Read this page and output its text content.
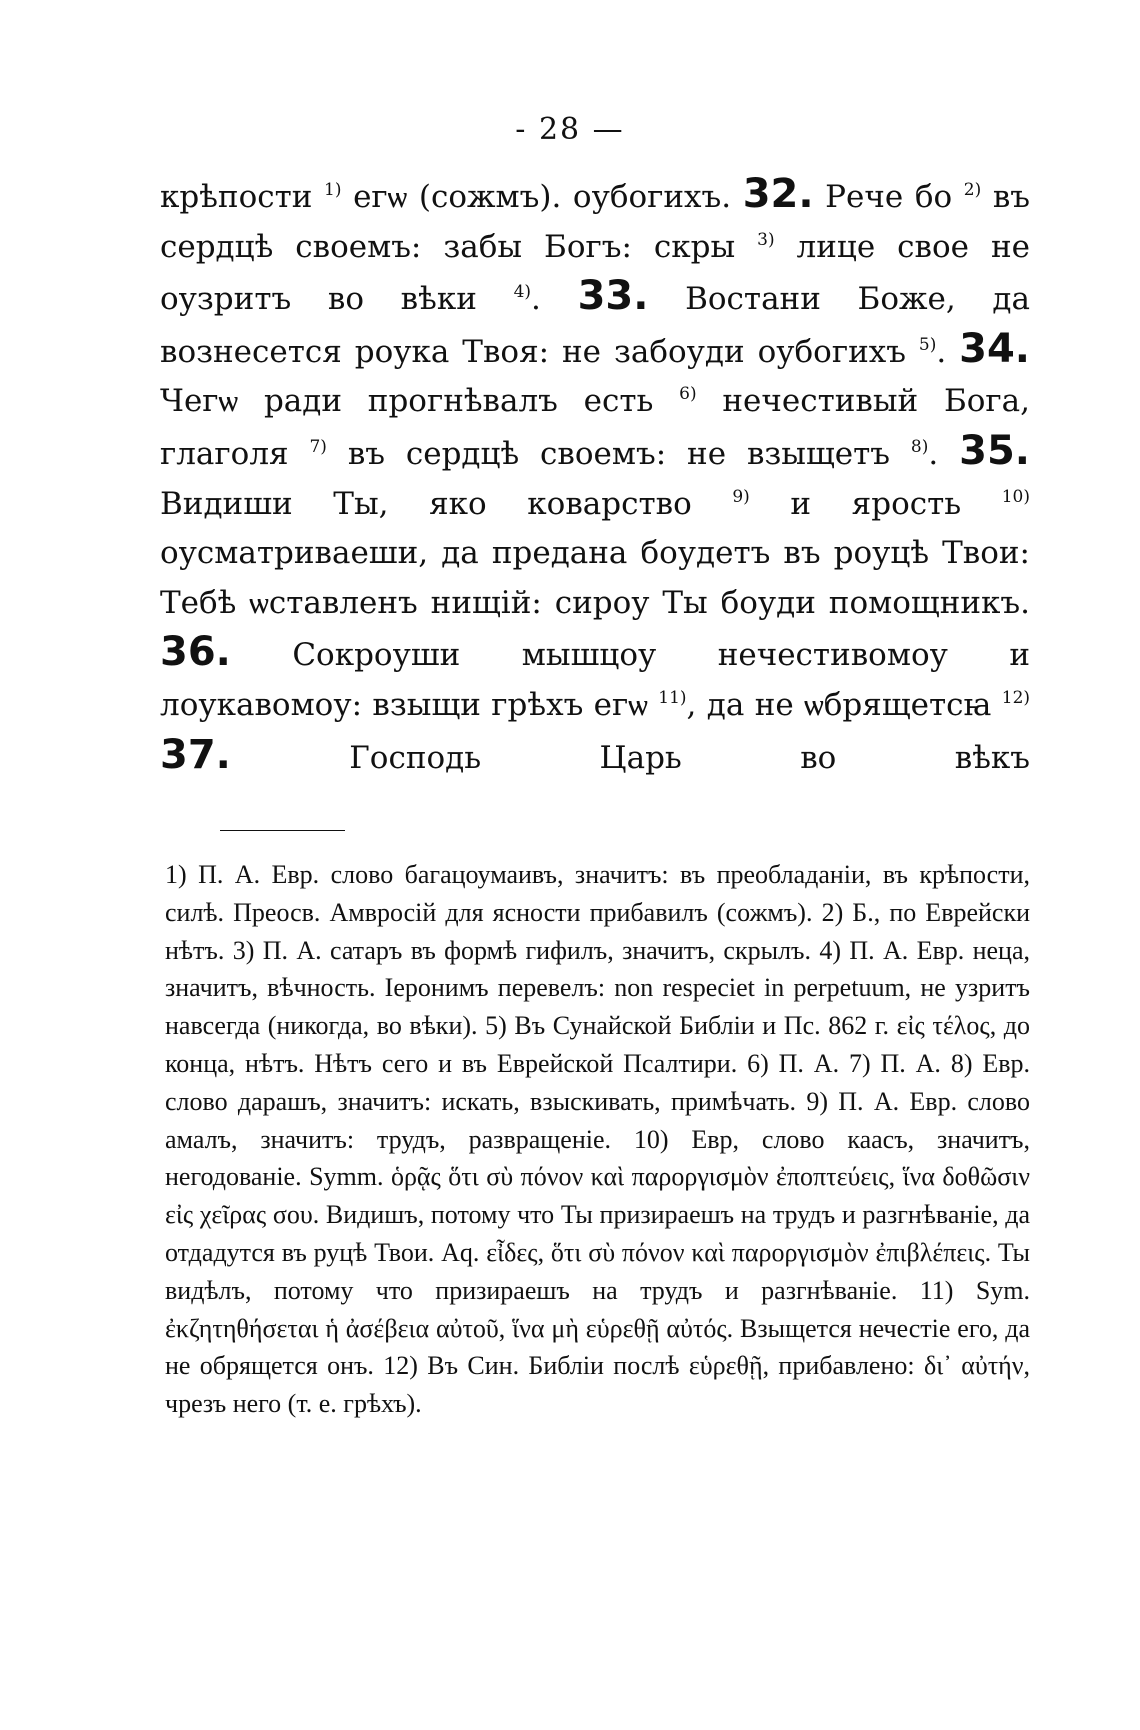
- 28 —
крѣпости $^{1)}$ егѡ (сожмъ). оубогихъ. 32. Рече бо $^{2)}$ въ сердцѣ своемъ: забы Богъ: скры $^{3)}$ лице свое не оузритъ во вѣки $^{4)}$. 33. Востани Боже, да вознесется роука Твоя: не забоуди оубогихъ $^{5)}$. 34. Чегѡ ради прогнѣвалъ есть $^{6)}$ нечестивый Бога, глаголя $^{7)}$ въ сердцѣ своемъ: не взыщетъ $^{8)}$. 35. Видиши Ты, яко коварство $^{9)}$ и ярость $^{10)}$ оусматриваеши, да предана боудетъ въ роуцѣ Твои: Тебѣ ѡставленъ нищiй: сироу Ты боуди помощникъ. 36. Сокроуши мышцоу нечестивомоу и лоукавомоу: взыщи грѣхъ егѡ $^{11)}$, да не ѡбрящетсꙗ $^{12)}$ 37. Господь Царь во вѣкъ
1) П. А. Евр. слово багацоумаивъ, значитъ: въ преобладанiи, въ крѣпости, силѣ. Преосв. Амвросiй для ясности прибавилъ (сожмъ). 2) Б., по Еврейски нѣтъ. 3) П. А. сатаръ въ формѣ гифилъ, значитъ, скрылъ. 4) П. А. Евр. неца, значитъ, вѣчность. Iеронимъ перевелъ: non respeciet in perpetuum, не узритъ навсегда (никогда, во вѣки). 5) Въ Сунайской Библiи и Пс. 862 г. εἰς τέλος, до конца, нѣтъ. Нѣтъ сего и въ Еврейской Псалтири. 6) П. А. 7) П. А. 8) Евр. слово дарашъ, значитъ: искать, взыскивать, примѣчать. 9) П. А. Евр. слово амалъ, значитъ: трудъ, развращенiе. 10) Евр, слово каасъ, значитъ, негодованiе. Symm. ὁρᾷς ὅτι σὺ πόνον καὶ παροργισμὸν ἐποπτεύεις, ἵνα δοθῶσιν εἰς χεῖρας σου. Видишъ, потому что Ты призираешъ на трудъ и разгнѣванiе, да отдадутся въ руцѣ Твои. Aq. εἶδες, ὅτι σὺ πόνον καὶ παροργισμὸν ἐπιβλέπεις. Ты видѣлъ, потому что призираешъ на трудъ и разгнѣванiе. 11) Sym. ἐκζητηθήσεται ἡ ἀσέβεια αὐτοῦ, ἵνα μὴ εὑρεθῇ αὐτός. Взыщется нечестiе его, да не обрящется онъ. 12) Въ Син. Библiи послѣ εὑρεθῇ, прибавлено: δι᾽ αὐτήν, чрезъ него (т. е. грѣхъ).
